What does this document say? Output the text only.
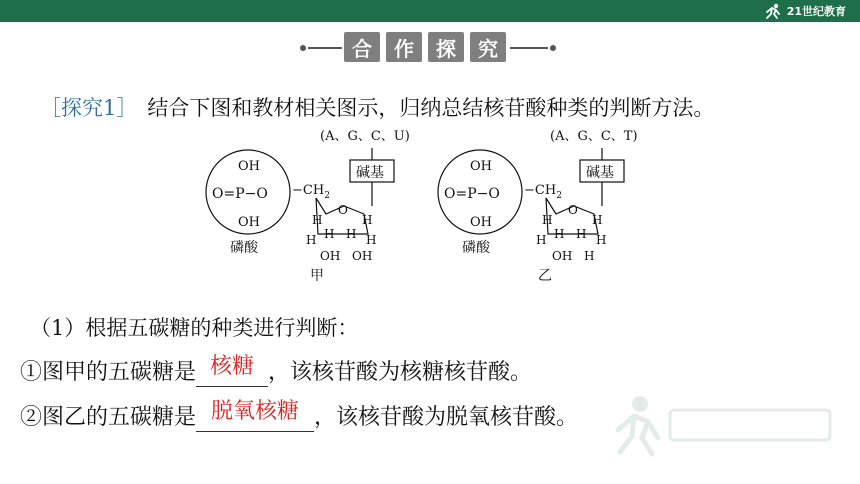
21世纪教育
合	作	探	究
［探究1］ 结合下图和教材相关图示，归纳总结核苷酸种类的判断方法。
(A、G、C、U)
碱基
OH
O=P−O
OH
$-CH_2$
O
H	H
H H H H
OH OH
磷酸
甲
(A、G、C、T)
碱基
OH
O=P−O
OH
$-CH_2$
O
H	H
H H H H
OH H
磷酸
乙
（1）根据五碳糖的种类进行判断：
①图甲的五碳糖是 核糖 ，该核苷酸为核糖核苷酸。
②图乙的五碳糖是 脱氧核糖 ，该核苷酸为脱氧核苷酸。
